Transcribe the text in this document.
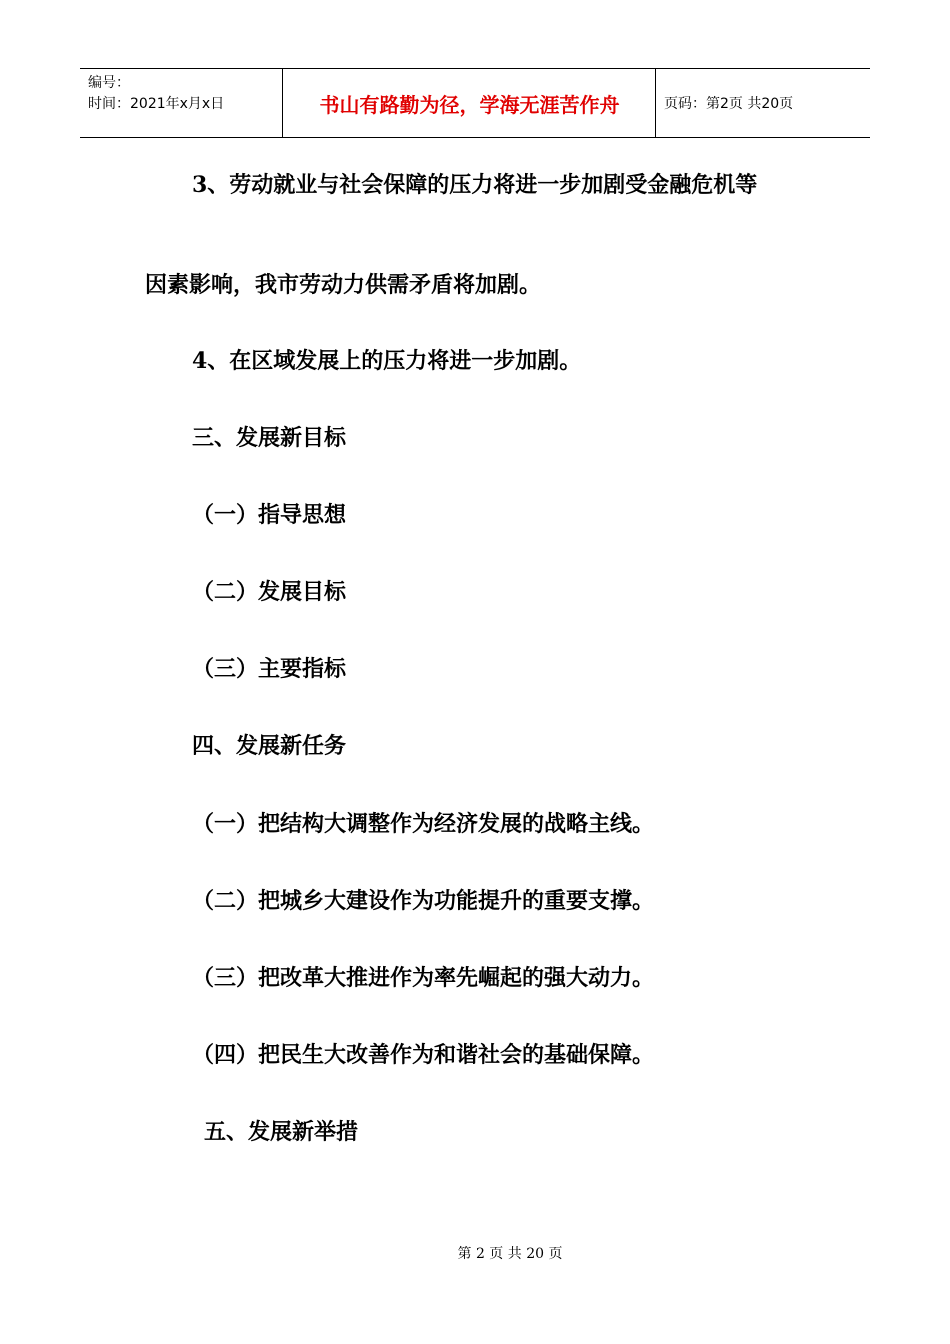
编号：
时间：2021年x月x日	书山有路勤为径，学海无涯苦作舟	页码：第2页 共20页
3、劳动就业与社会保障的压力将进一步加剧受金融危机等
因素影响，我市劳动力供需矛盾将加剧。
4、在区域发展上的压力将进一步加剧。
三、发展新目标
（一）指导思想
（二）发展目标
（三）主要指标
四、发展新任务
（一）把结构大调整作为经济发展的战略主线。
（二）把城乡大建设作为功能提升的重要支撑。
（三）把改革大推进作为率先崛起的强大动力。
（四）把民生大改善作为和谐社会的基础保障。
五、发展新举措
第 2 页 共 20 页
